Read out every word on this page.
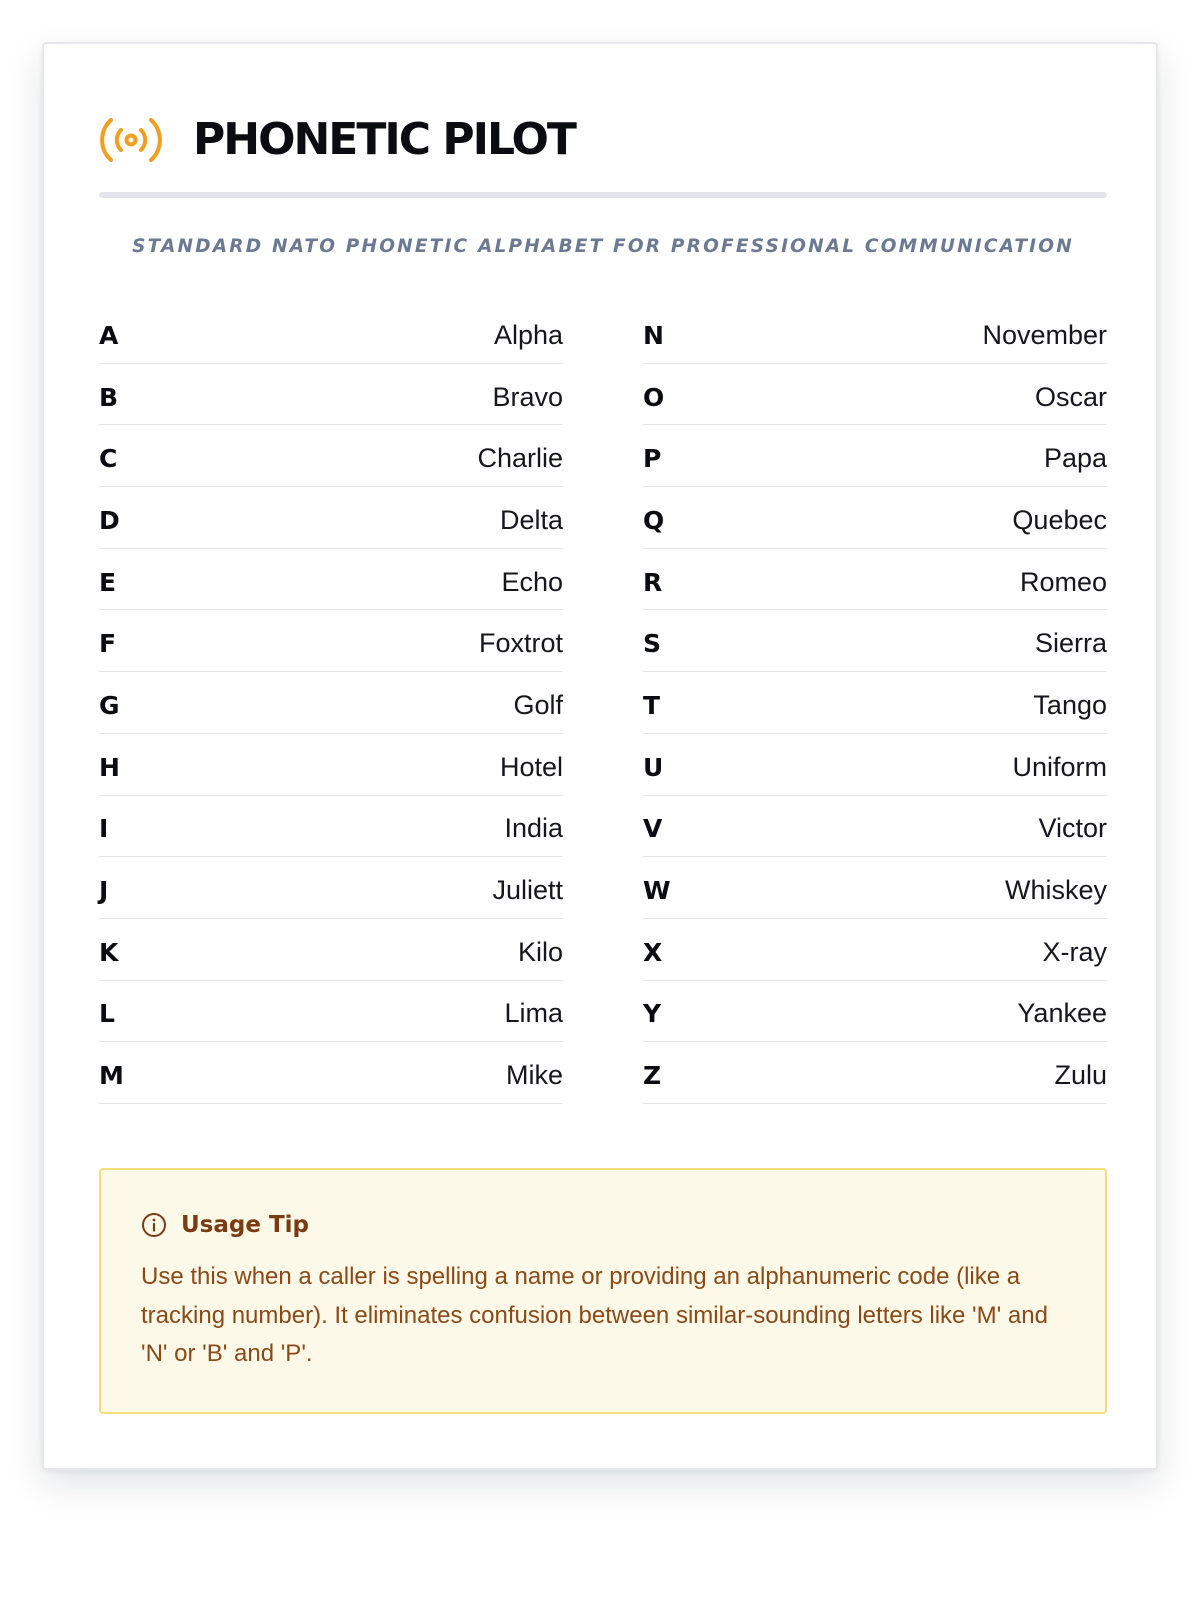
PHONETIC PILOT
STANDARD NATO PHONETIC ALPHABET FOR PROFESSIONAL COMMUNICATION
A	Alpha
B	Bravo
C	Charlie
D	Delta
E	Echo
F	Foxtrot
G	Golf
H	Hotel
I	India
J	Juliett
K	Kilo
L	Lima
M	Mike
N	November
O	Oscar
P	Papa
Q	Quebec
R	Romeo
S	Sierra
T	Tango
U	Uniform
V	Victor
W	Whiskey
X	X-ray
Y	Yankee
Z	Zulu
Usage Tip
Use this when a caller is spelling a name or providing an alphanumeric code (like a tracking number). It eliminates confusion between similar-sounding letters like 'M' and 'N' or 'B' and 'P'.
